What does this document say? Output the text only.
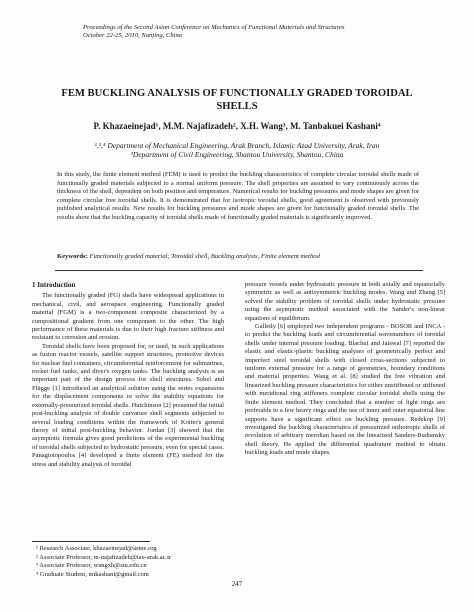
Proceedings of the Second Asian Conference on Mechanics of Functional Materials and Structures
October 22-25, 2010, Nanjing, China
FEM BUCKLING ANALYSIS OF FUNCTIONALLY GRADED TOROIDAL
SHELLS
P. Khazaeinejad¹, M.M. Najafizadeh², X.H. Wang³, M. Tanbakuei Kashani⁴
¹,²,⁴ Department of Mechanical Engineering, Arak Branch, Islamic Azad University, Arak, Iran
³Department of Civil Engineering, Shantou University, Shantou, China
In this study, the finite element method (FEM) is used to predict the buckling characteristics of complete circular toroidal shells made of functionally graded materials subjected to a normal uniform pressure. The shell properties are assumed to vary continuously across the thickness of the shell, dependent on both position and temperature. Numerical results for buckling pressures and mode shapes are given for complete circular free toroidal shells. It is demonstrated that for isotropic toroidal shells, good agreement is observed with previously published analytical results. New results for buckling pressures and mode shapes are given for functionally graded toroidal shells. The results show that the buckling capacity of toroidal shells made of functionally graded materials is significantly improved.
Keywords: Functionally graded material; Toroidal shell, Buckling analysis, Finite element method
1 Introduction

The functionally graded (FG) shells have widespread applications in mechanical, civil, and aerospace engineering. Functionally graded material (FGM) is a two-component composite characterized by a compositional gradient from one component to the other. The high performance of these materials is due to their high fracture stiffness and resistant to corrosion and erosion.

Toroidal shells have been proposed for, or used, in such applications as fusion reactor vessels, satellite support structures, protective devices for nuclear fuel containers, circumferential reinforcement for submarines, rocket fuel tanks, and diver's oxygen tanks. The buckling analysis is an important part of the design process for shell structures. Sobel and Flügge [1] introduced an analytical solution using the series expansions for the displacement components to solve the stability equations for externally-pressurized toroidal shells. Hutchinson [2] presented the initial post-buckling analysis of double curvature shell segments subjected to several loading conditions within the framework of Koiter's general theory of initial post-buckling behavior. Jordan [3] showed that the asymptotic formula gives good predictions of the experimental buckling of toroidal shells subjected to hydrostatic pressure, even for special cases. Panagiotopoulos [4] developed a finite element (FE) method for the stress and stability analysis of toroidal

pressure vessels under hydrostatic pressure in both axially and equatorially symmetric as well as antisymmetric buckling modes. Wang and Zhang [5] solved the stability problem of toroidal shells under hydrostatic pressure using the asymptotic method associated with the Sander's non-linear equations of equilibrium.

Galletly [6] employed two independent programs - BOSOR and INCA - to predict the buckling loads and circumferential wavenumbers of toroidal shells under internal pressure loading. Blachut and Jaiswal [7] reported the elastic and elastic-plastic buckling analyses of geometrically perfect and imperfect steel toroidal shells with closed cross-sections subjected to uniform external pressure for a range of geometries, boundary conditions and material properties. Wang et al. [8] studied the free vibration and linearized buckling pressure characteristics for either unstiffened or stiffened with meridional ring stiffeners complete circular toroidal shells using the finite element method. They concluded that a number of light rings are preferable to a few heavy rings and the use of inner and outer equatorial line supports have a significant effect on buckling pressure. Redekop [9] investigated the buckling characteristics of pressurized orthotropic shells of revolution of arbitrary meridian based on the linearized Sanders-Budiansky shell theory. He applied the differential quadrature method to obtain buckling loads and mode shapes.

¹ Research Associate, khazaeinejad@asme.org
² Associate Professor, m-najafizadeh@iau-arak.ac.ir
³ Associate Professor, wangxh@stu.edu.cn
⁴ Graduate Student, mtkashani@gmail.com
247
